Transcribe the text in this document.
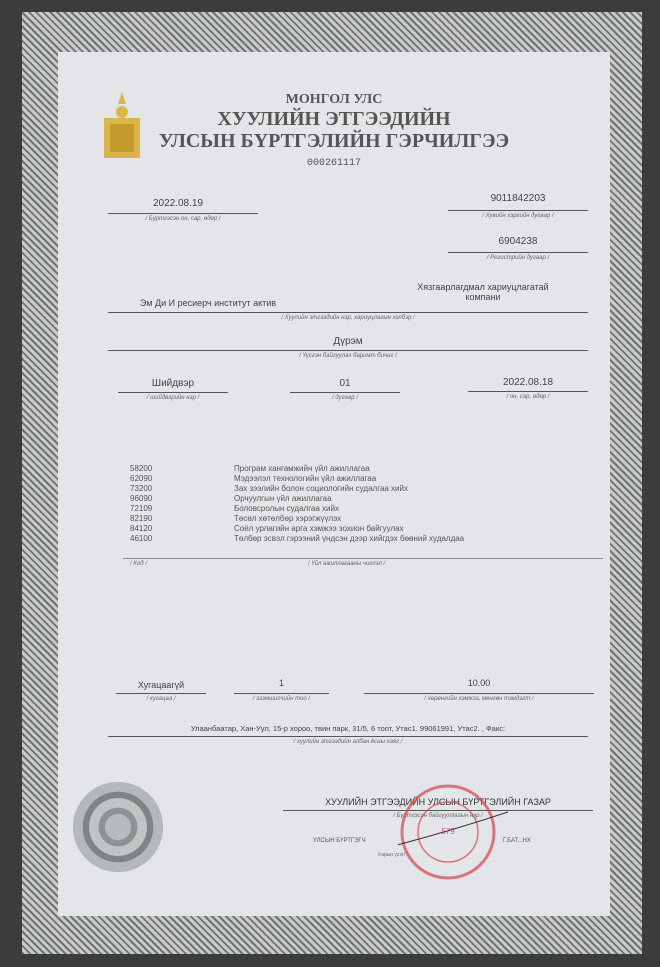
МОНГОЛ УЛС
ХУУЛИЙН ЭТГЭЭДИЙН
УЛСЫН БҮРТГЭЛИЙН ГЭРЧИЛГЭЭ
000261117
2022.08.19
/ Бүртгэсэн он, сар, өдөр /
9011842203
/ Хувийн хэргийн дугаар /
6904238
/ Регистрийн дугаар /
Эм Ди И ресиерч институт актив
Хязгаарлагдмал хариуцлагатай компани
/ Хуулийн этгээдийн нэр, хариуцлагын хэлбэр /
Дүрэм
/ Үүсгэн байгуулах баримт бичиг /
Шийдвэр
/ шийдвэрийн нэр /
01
/ дугаар /
2022.08.18
/ он, сар, өдөр /
58200	Програм хангамжийн үйл ажиллагаа
62090	Мэдээлэл технологийн үйл ажиллагаа
73200	Зах зээлийн болон социологийн судалгаа хийх
96090	Орчуулгын үйл ажиллагаа
72109	Боловсролын судалгаа хийх
82190	Төсөл хөтөлбөр хэрэгжүүлэх
84120	Соёл урлагийн арга хэмжээ зохион байгуулах
46100	Төлбөр эсвэл гэрээний үндсэн дээр хийгдэх бөөний худалдаа
/ Код /	/ Үйл ажиллагааны чиглэл /
Хугацаагүй
/ хугацаа /
1
/ эзэмшигчийн тоо /
10.00
/ хөрөнгийн хэмжээ, мөнгөн тэмдэгт /
Улаанбаатар, Хан-Уул, 15-р хороо, твин парк, 31/5, 6 тоот, Утас1. 99061991, Утас2. , Факс:
/ хуулийн этгээдийн албан ёсны хаяг /
ХУУЛИЙН ЭТГЭЭДИЙН УЛСЫН БҮРТГЭЛИЙН ГАЗАР
/ Бүртгэсэн байгууллагын нэр /
УЛСЫН БҮРТГЭГЧ	Г.БАТ...НХ
/гарын үсэг/
579
